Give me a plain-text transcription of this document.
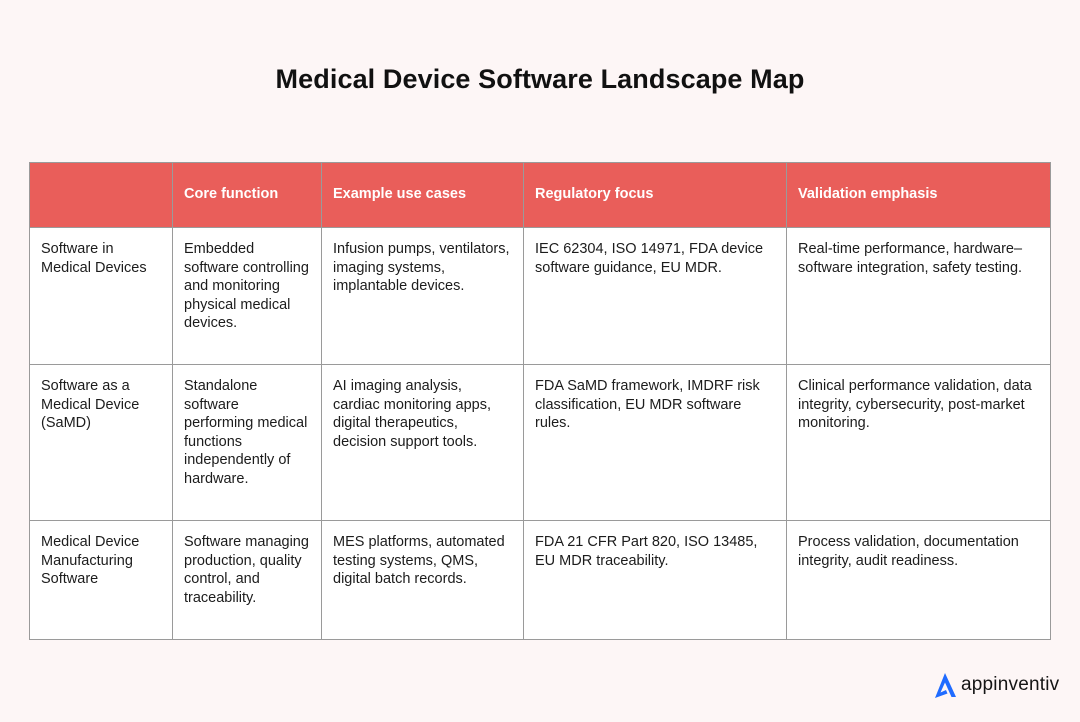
Medical Device Software Landscape Map
	Core function	Example use cases	Regulatory focus	Validation emphasis
Software in Medical Devices	Embedded software controlling and monitoring physical medical devices.	Infusion pumps, ventilators, imaging systems, implantable devices.	IEC 62304, ISO 14971, FDA device software guidance, EU MDR.	Real-time performance, hardware–software integration, safety testing.
Software as a Medical Device (SaMD)	Standalone software performing medical functions independently of hardware.	AI imaging analysis, cardiac monitoring apps, digital therapeutics, decision support tools.	FDA SaMD framework, IMDRF risk classification, EU MDR software rules.	Clinical performance validation, data integrity, cybersecurity, post-market monitoring.
Medical Device Manufacturing Software	Software managing production, quality control, and traceability.	MES platforms, automated testing systems, QMS, digital batch records.	FDA 21 CFR Part 820, ISO 13485, EU MDR traceability.	Process validation, documentation integrity, audit readiness.
appinventiv
